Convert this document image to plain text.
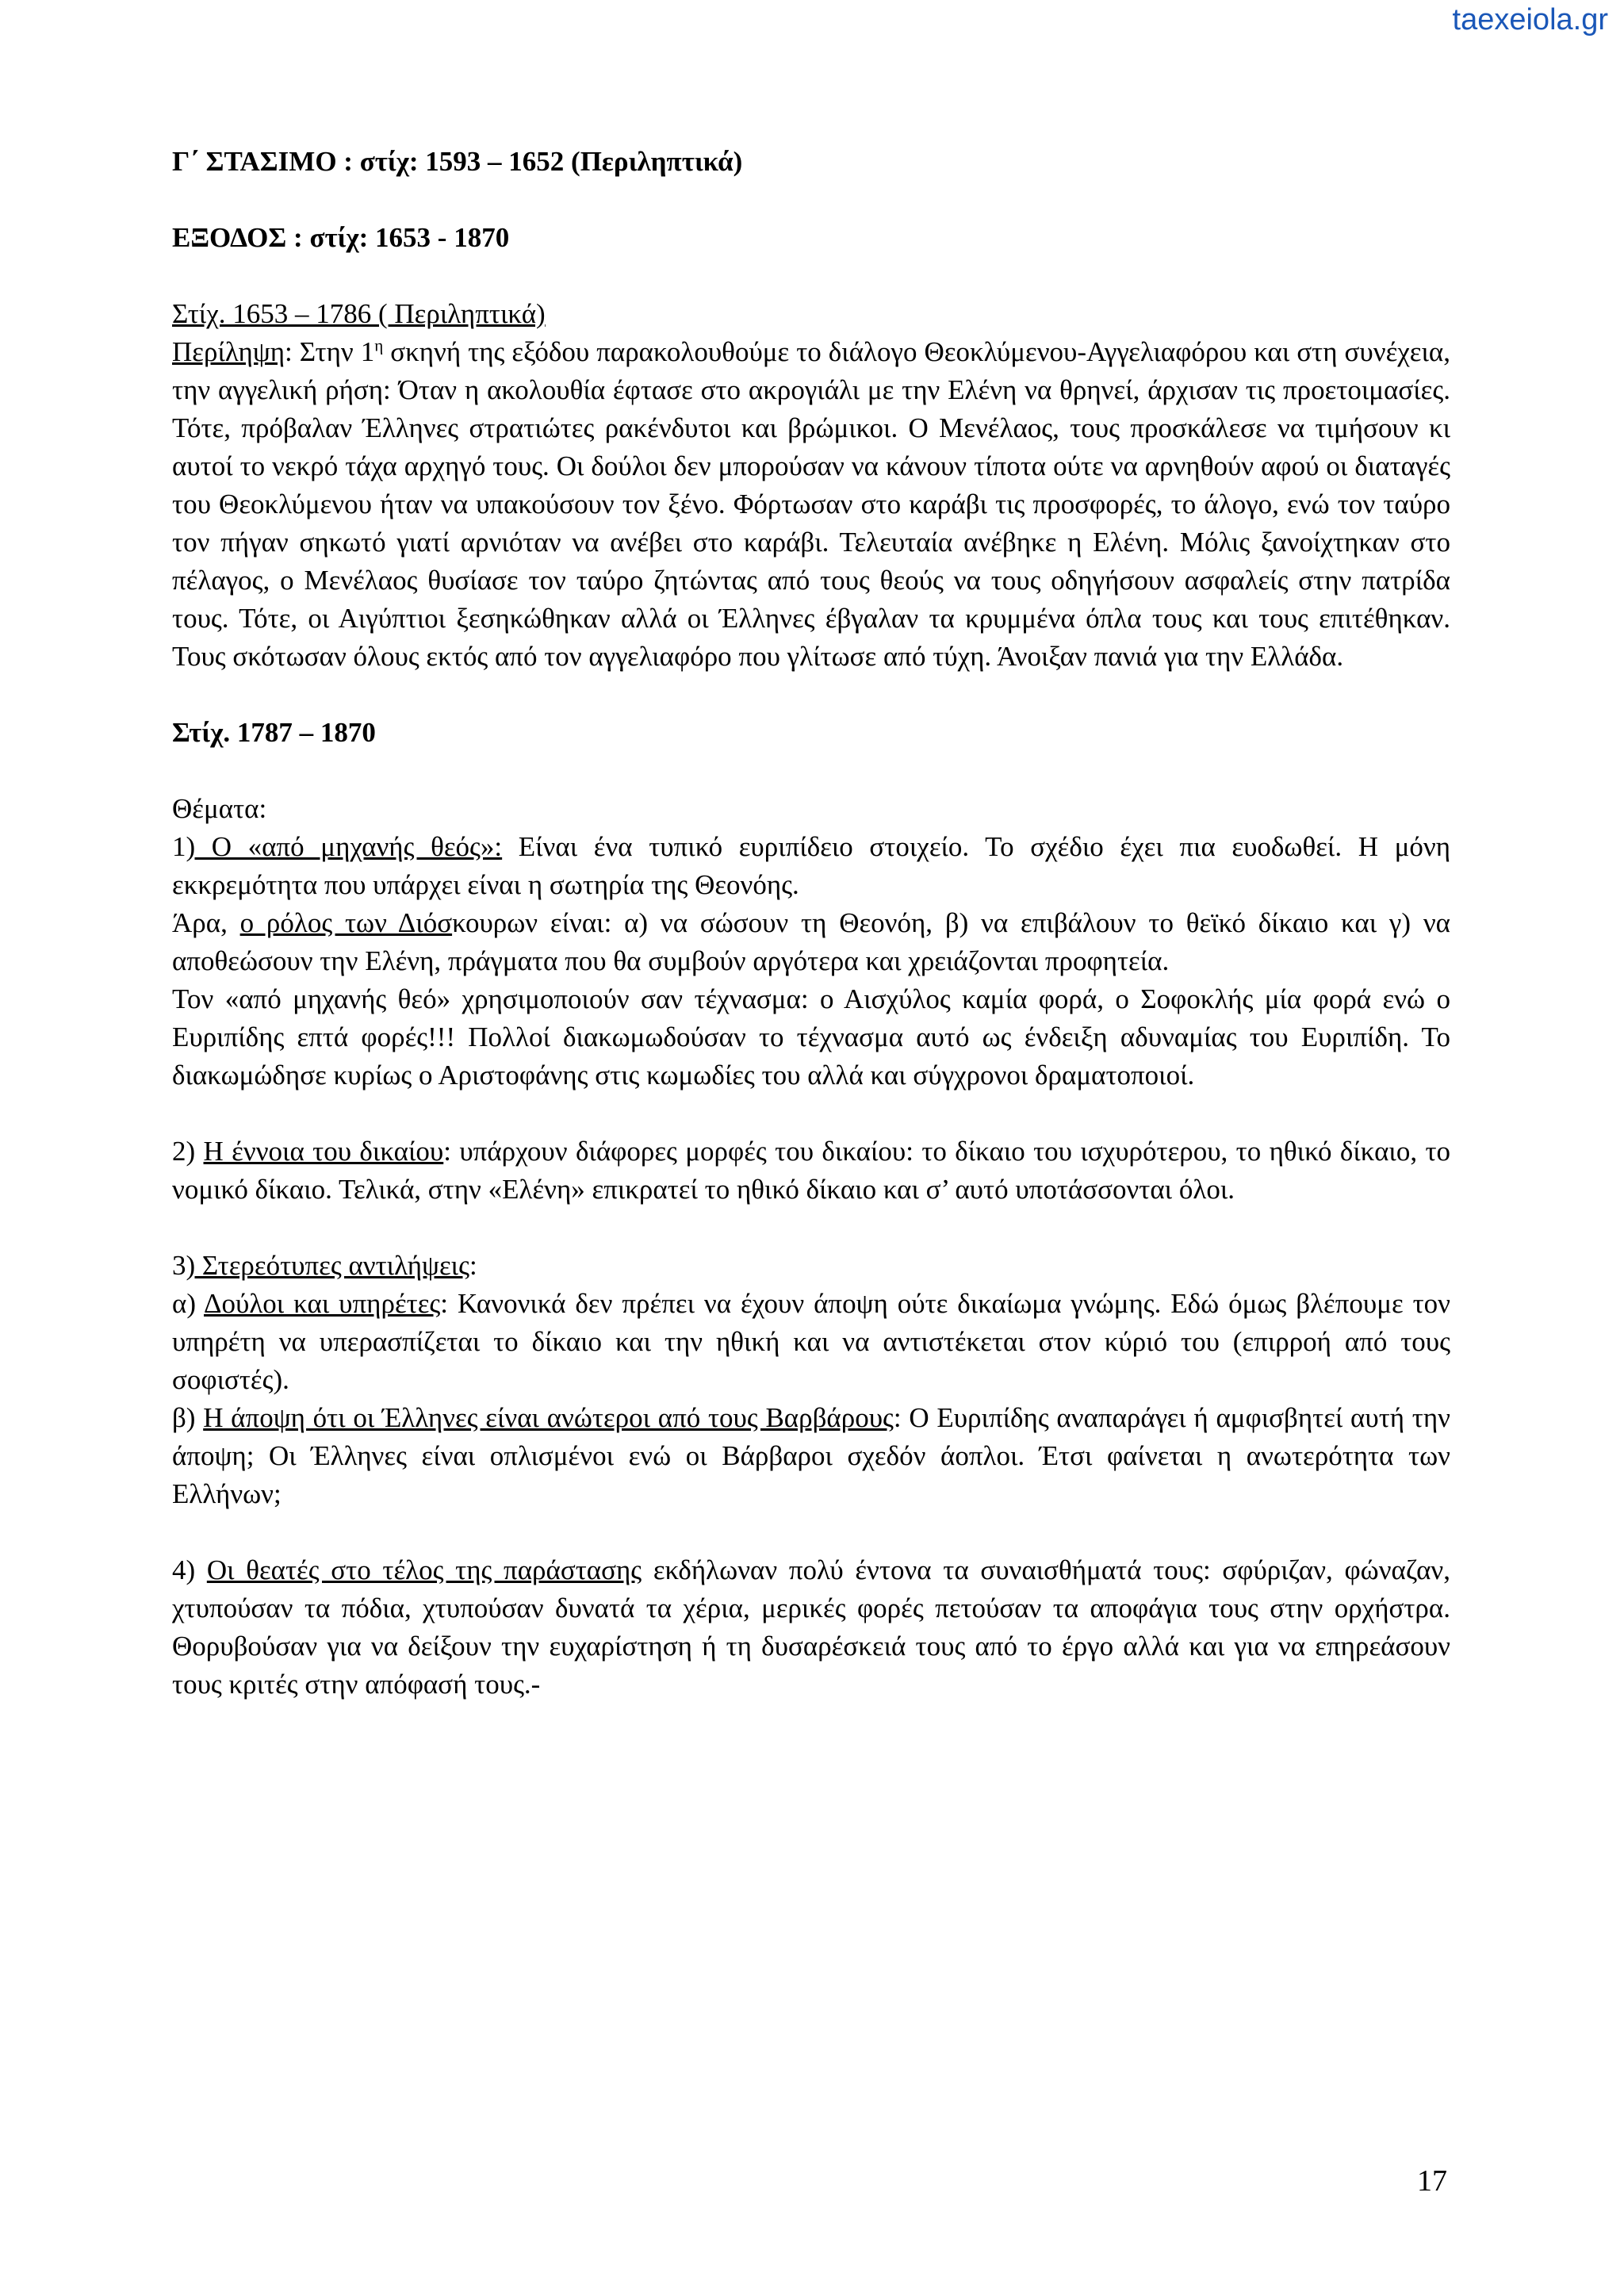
taexeiola.gr
Γ΄ ΣΤΑΣΙΜΟ : στίχ: 1593 – 1652 (Περιληπτικά)
ΕΞΟΔΟΣ : στίχ: 1653 - 1870
Στίχ. 1653 – 1786 ( Περιληπτικά)
Περίληψη: Στην $1^\eta$ σκηνή της εξόδου παρακολουθούμε το διάλογο Θεοκλύμενου-Αγγελιαφόρου και στη συνέχεια, την αγγελική ρήση: Όταν η ακολουθία έφτασε στο ακρογιάλι με την Ελένη να θρηνεί, άρχισαν τις προετοιμασίες. Τότε, πρόβαλαν Έλληνες στρατιώτες ρακένδυτοι και βρώμικοι. Ο Μενέλαος, τους προσκάλεσε να τιμήσουν κι αυτοί το νεκρό τάχα αρχηγό τους. Οι δούλοι δεν μπορούσαν να κάνουν τίποτα ούτε να αρνηθούν αφού οι διαταγές του Θεοκλύμενου ήταν να υπακούσουν τον ξένο. Φόρτωσαν στο καράβι τις προσφορές, το άλογο, ενώ τον ταύρο τον πήγαν σηκωτό γιατί αρνιόταν να ανέβει στο καράβι. Τελευταία ανέβηκε η Ελένη. Μόλις ξανοίχτηκαν στο πέλαγος, ο Μενέλαος θυσίασε τον ταύρο ζητώντας από τους θεούς να τους οδηγήσουν ασφαλείς στην πατρίδα τους. Τότε, οι Αιγύπτιοι ξεσηκώθηκαν αλλά οι Έλληνες έβγαλαν τα κρυμμένα όπλα τους και τους επιτέθηκαν. Τους σκότωσαν όλους εκτός από τον αγγελιαφόρο που γλίτωσε από τύχη. Άνοιξαν πανιά για την Ελλάδα.
Στίχ. 1787 – 1870
Θέματα:
1) Ο «από μηχανής θεός»: Είναι ένα τυπικό ευριπίδειο στοιχείο. Το σχέδιο έχει πια ευοδωθεί. Η μόνη εκκρεμότητα που υπάρχει είναι η σωτηρία της Θεονόης.
Άρα, ο ρόλος των Διόσκουρων είναι: α) να σώσουν τη Θεονόη, β) να επιβάλουν το θεϊκό δίκαιο και γ) να αποθεώσουν την Ελένη, πράγματα που θα συμβούν αργότερα και χρειάζονται προφητεία.
Τον «από μηχανής θεό» χρησιμοποιούν σαν τέχνασμα: ο Αισχύλος καμία φορά, ο Σοφοκλής μία φορά ενώ ο Ευριπίδης επτά φορές!!! Πολλοί διακωμωδούσαν το τέχνασμα αυτό ως ένδειξη αδυναμίας του Ευριπίδη. Το διακωμώδησε κυρίως ο Αριστοφάνης στις κωμωδίες του αλλά και σύγχρονοι δραματοποιοί.
2) Η έννοια του δικαίου: υπάρχουν διάφορες μορφές του δικαίου: το δίκαιο του ισχυρότερου, το ηθικό δίκαιο, το νομικό δίκαιο. Τελικά, στην «Ελένη» επικρατεί το ηθικό δίκαιο και σ’ αυτό υποτάσσονται όλοι.
3) Στερεότυπες αντιλήψεις:
α) Δούλοι και υπηρέτες: Κανονικά δεν πρέπει να έχουν άποψη ούτε δικαίωμα γνώμης. Εδώ όμως βλέπουμε τον υπηρέτη να υπερασπίζεται το δίκαιο και την ηθική και να αντιστέκεται στον κύριό του (επιρροή από τους σοφιστές).
β) Η άποψη ότι οι Έλληνες είναι ανώτεροι από τους Βαρβάρους: Ο Ευριπίδης αναπαράγει ή αμφισβητεί αυτή την άποψη; Οι Έλληνες είναι οπλισμένοι ενώ οι Βάρβαροι σχεδόν άοπλοι. Έτσι φαίνεται η ανωτερότητα των Ελλήνων;
4) Οι θεατές στο τέλος της παράστασης εκδήλωναν πολύ έντονα τα συναισθήματά τους: σφύριζαν, φώναζαν, χτυπούσαν τα πόδια, χτυπούσαν δυνατά τα χέρια, μερικές φορές πετούσαν τα αποφάγια τους στην ορχήστρα. Θορυβούσαν για να δείξουν την ευχαρίστηση ή τη δυσαρέσκειά τους από το έργο αλλά και για να επηρεάσουν τους κριτές στην απόφασή τους.-
17
